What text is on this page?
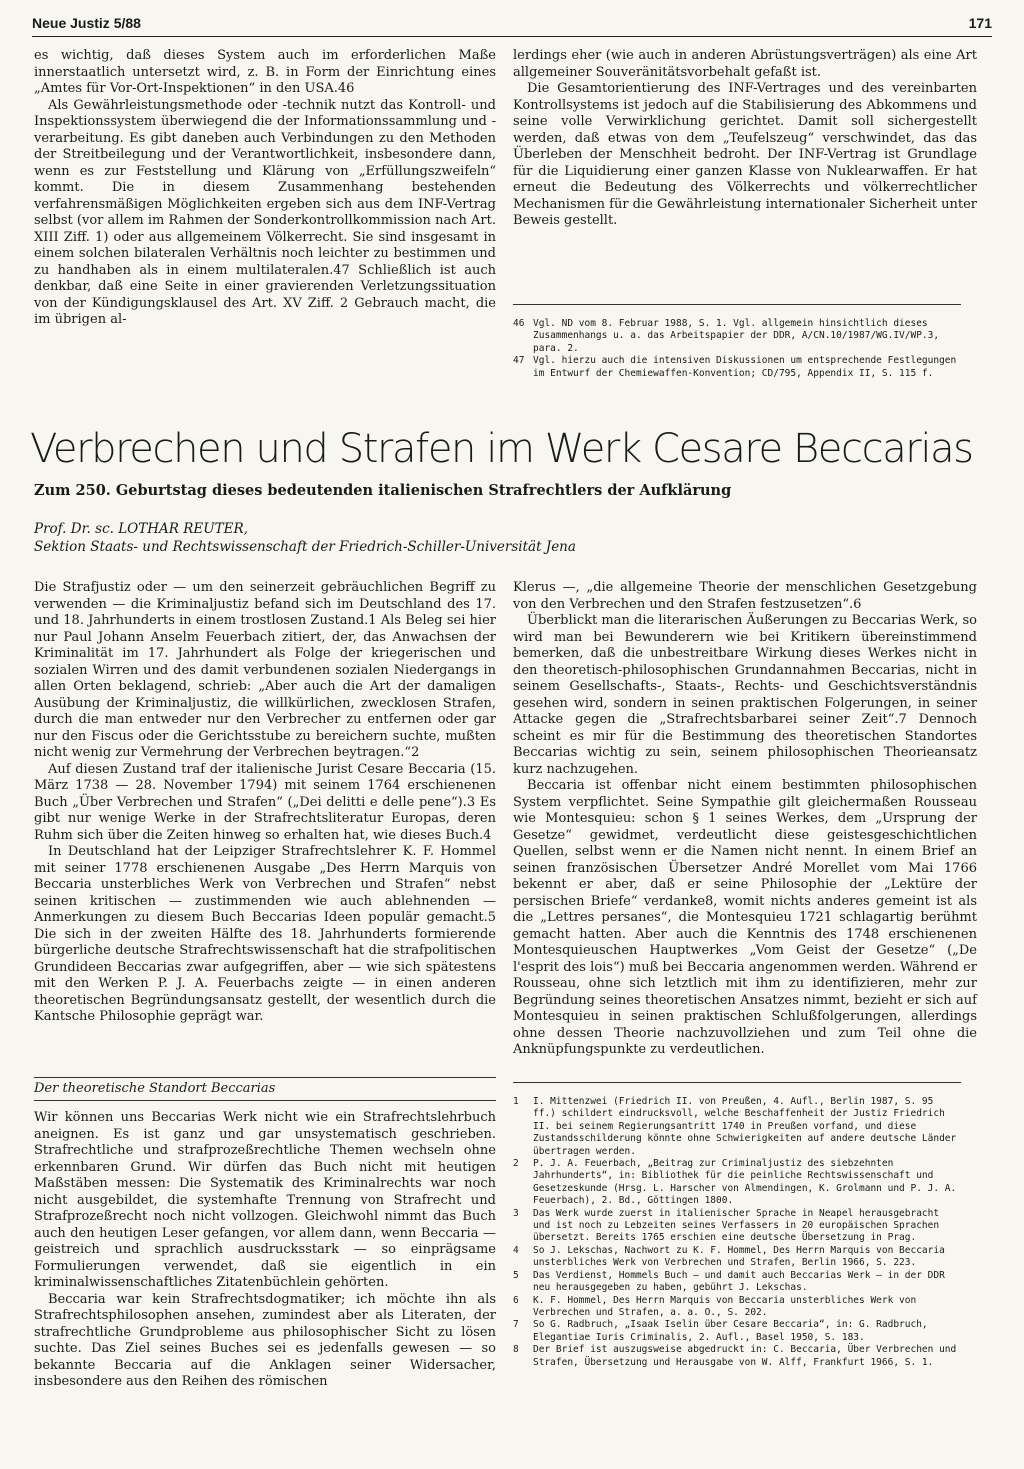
Neue Justiz 5/88	171

es wichtig, daß dieses System auch im erforderlichen Maße innerstaatlich untersetzt wird, z. B. in Form der Einrichtung eines „Amtes für Vor-Ort-Inspektionen“ in den USA.46

Als Gewährleistungsmethode oder -technik nutzt das Kontroll- und Inspektionssystem überwiegend die der Informationssammlung und -verarbeitung. Es gibt daneben auch Verbindungen zu den Methoden der Streitbeilegung und der Verantwortlichkeit, insbesondere dann, wenn es zur Feststellung und Klärung von „Erfüllungszweifeln“ kommt. Die in diesem Zusammenhang bestehenden verfahrensmäßigen Möglichkeiten ergeben sich aus dem INF-Vertrag selbst (vor allem im Rahmen der Sonderkontrollkommission nach Art. XIII Ziff. 1) oder aus allgemeinem Völkerrecht. Sie sind insgesamt in einem solchen bilateralen Verhältnis noch leichter zu bestimmen und zu handhaben als in einem multilateralen.47 Schließlich ist auch denkbar, daß eine Seite in einer gravierenden Verletzungssituation von der Kündigungsklausel des Art. XV Ziff. 2 Gebrauch macht, die im übrigen al-

lerdings eher (wie auch in anderen Abrüstungsverträgen) als eine Art allgemeiner Souveränitätsvorbehalt gefaßt ist.

Die Gesamtorientierung des INF-Vertrages und des vereinbarten Kontrollsystems ist jedoch auf die Stabilisierung des Abkommens und seine volle Verwirklichung gerichtet. Damit soll sichergestellt werden, daß etwas von dem „Teufelszeug“ verschwindet, das das Überleben der Menschheit bedroht. Der INF-Vertrag ist Grundlage für die Liquidierung einer ganzen Klasse von Nuklearwaffen. Er hat erneut die Bedeutung des Völkerrechts und völkerrechtlicher Mechanismen für die Gewährleistung internationaler Sicherheit unter Beweis gestellt.

46 Vgl. ND vom 8. Februar 1988, S. 1. Vgl. allgemein hinsichtlich dieses Zusammenhangs u. a. das Arbeitspapier der DDR, A/CN.10/1987/WG.IV/WP.3, para. 2.
47 Vgl. hierzu auch die intensiven Diskussionen um entsprechende Festlegungen im Entwurf der Chemiewaffen-Konvention; CD/795, Appendix II, S. 115 f.
Verbrechen und Strafen im Werk Cesare Beccarias
Zum 250. Geburtstag dieses bedeutenden italienischen Strafrechtlers der Aufklärung
Prof. Dr. sc. LOTHAR REUTER,
Sektion Staats- und Rechtswissenschaft der Friedrich-Schiller-Universität Jena

Die Strafjustiz oder — um den seinerzeit gebräuchlichen Begriff zu verwenden — die Kriminaljustiz befand sich im Deutschland des 17. und 18. Jahrhunderts in einem trostlosen Zustand.1 Als Beleg sei hier nur Paul Johann Anselm Feuerbach zitiert, der, das Anwachsen der Kriminalität im 17. Jahrhundert als Folge der kriegerischen und sozialen Wirren und des damit verbundenen sozialen Niedergangs in allen Orten beklagend, schrieb: „Aber auch die Art der damaligen Ausübung der Kriminaljustiz, die willkürlichen, zwecklosen Strafen, durch die man entweder nur den Verbrecher zu entfernen oder gar nur den Fiscus oder die Gerichtsstube zu bereichern suchte, mußten nicht wenig zur Vermehrung der Verbrechen beytragen.“2

Auf diesen Zustand traf der italienische Jurist Cesare Beccaria (15. März 1738 — 28. November 1794) mit seinem 1764 erschienenen Buch „Über Verbrechen und Strafen“ („Dei delitti e delle pene“).3 Es gibt nur wenige Werke in der Strafrechtsliteratur Europas, deren Ruhm sich über die Zeiten hinweg so erhalten hat, wie dieses Buch.4

In Deutschland hat der Leipziger Strafrechtslehrer K. F. Hommel mit seiner 1778 erschienenen Ausgabe „Des Herrn Marquis von Beccaria unsterbliches Werk von Verbrechen und Strafen“ nebst seinen kritischen — zustimmenden wie auch ablehnenden — Anmerkungen zu diesem Buch Beccarias Ideen populär gemacht.5 Die sich in der zweiten Hälfte des 18. Jahrhunderts formierende bürgerliche deutsche Strafrechtswissenschaft hat die strafpolitischen Grundideen Beccarias zwar aufgegriffen, aber — wie sich spätestens mit den Werken P. J. A. Feuerbachs zeigte — in einen anderen theoretischen Begründungsansatz gestellt, der wesentlich durch die Kantsche Philosophie geprägt war.

Klerus —, „die allgemeine Theorie der menschlichen Gesetzgebung von den Verbrechen und den Strafen festzusetzen“.6

Überblickt man die literarischen Äußerungen zu Beccarias Werk, so wird man bei Bewunderern wie bei Kritikern übereinstimmend bemerken, daß die unbestreitbare Wirkung dieses Werkes nicht in den theoretisch-philosophischen Grundannahmen Beccarias, nicht in seinem Gesellschafts-, Staats-, Rechts- und Geschichtsverständnis gesehen wird, sondern in seinen praktischen Folgerungen, in seiner Attacke gegen die „Strafrechtsbarbarei seiner Zeit“.7 Dennoch scheint es mir für die Bestimmung des theoretischen Standortes Beccarias wichtig zu sein, seinem philosophischen Theorieansatz kurz nachzugehen.

Beccaria ist offenbar nicht einem bestimmten philosophischen System verpflichtet. Seine Sympathie gilt gleichermaßen Rousseau wie Montesquieu: schon § 1 seines Werkes, dem „Ursprung der Gesetze“ gewidmet, verdeutlicht diese geistesgeschichtlichen Quellen, selbst wenn er die Namen nicht nennt. In einem Brief an seinen französischen Übersetzer André Morellet vom Mai 1766 bekennt er aber, daß er seine Philosophie der „Lektüre der persischen Briefe“ verdanke8, womit nichts anderes gemeint ist als die „Lettres persanes“, die Montesquieu 1721 schlagartig berühmt gemacht hatten. Aber auch die Kenntnis des 1748 erschienenen Montesquieuschen Hauptwerkes „Vom Geist der Gesetze“ („De l'esprit des lois“) muß bei Beccaria angenommen werden. Während er Rousseau, ohne sich letztlich mit ihm zu identifizieren, mehr zur Begründung seines theoretischen Ansatzes nimmt, bezieht er sich auf Montesquieu in seinen praktischen Schlußfolgerungen, allerdings ohne dessen Theorie nachzuvollziehen und zum Teil ohne die Anknüpfungspunkte zu verdeutlichen.

Der theoretische Standort Beccarias

Wir können uns Beccarias Werk nicht wie ein Strafrechtslehrbuch aneignen. Es ist ganz und gar unsystematisch geschrieben. Strafrechtliche und strafprozeßrechtliche Themen wechseln ohne erkennbaren Grund. Wir dürfen das Buch nicht mit heutigen Maßstäben messen: Die Systematik des Kriminalrechts war noch nicht ausgebildet, die systemhafte Trennung von Strafrecht und Strafprozeßrecht noch nicht vollzogen. Gleichwohl nimmt das Buch auch den heutigen Leser gefangen, vor allem dann, wenn Beccaria — geistreich und sprachlich ausdrucksstark — so einprägsame Formulierungen verwendet, daß sie eigentlich in ein kriminalwissenschaftliches Zitatenbüchlein gehörten.

Beccaria war kein Strafrechtsdogmatiker; ich möchte ihn als Strafrechtsphilosophen ansehen, zumindest aber als Literaten, der strafrechtliche Grundprobleme aus philosophischer Sicht zu lösen suchte. Das Ziel seines Buches sei es jedenfalls gewesen — so bekannte Beccaria auf die Anklagen seiner Widersacher, insbesondere aus den Reihen des römischen

1 I. Mittenzwei (Friedrich II. von Preußen, 4. Aufl., Berlin 1987, S. 95 ff.) schildert eindrucksvoll, welche Beschaffenheit der Justiz Friedrich II. bei seinem Regierungsantritt 1740 in Preußen vorfand, und diese Zustandsschilderung könnte ohne Schwierigkeiten auf andere deutsche Länder übertragen werden.
2 P. J. A. Feuerbach, „Beitrag zur Criminaljustiz des siebzehnten Jahrhunderts“, in: Bibliothek für die peinliche Rechtswissenschaft und Gesetzeskunde (Hrsg. L. Harscher von Almendingen, K. Grolmann und P. J. A. Feuerbach), 2. Bd., Göttingen 1800.
3 Das Werk wurde zuerst in italienischer Sprache in Neapel herausgebracht und ist noch zu Lebzeiten seines Verfassers in 20 europäischen Sprachen übersetzt. Bereits 1765 erschien eine deutsche Übersetzung in Prag.
4 So J. Lekschas, Nachwort zu K. F. Hommel, Des Herrn Marquis von Beccaria unsterbliches Werk von Verbrechen und Strafen, Berlin 1966, S. 223.
5 Das Verdienst, Hommels Buch — und damit auch Beccarias Werk — in der DDR neu herausgegeben zu haben, gebührt J. Lekschas.
6 K. F. Hommel, Des Herrn Marquis von Beccaria unsterbliches Werk von Verbrechen und Strafen, a. a. O., S. 202.
7 So G. Radbruch, „Isaak Iselin über Cesare Beccaria“, in: G. Radbruch, Elegantiae Iuris Criminalis, 2. Aufl., Basel 1950, S. 183.
8 Der Brief ist auszugsweise abgedruckt in: C. Beccaria, Über Verbrechen und Strafen, Übersetzung und Herausgabe von W. Alff, Frankfurt 1966, S. 1.
